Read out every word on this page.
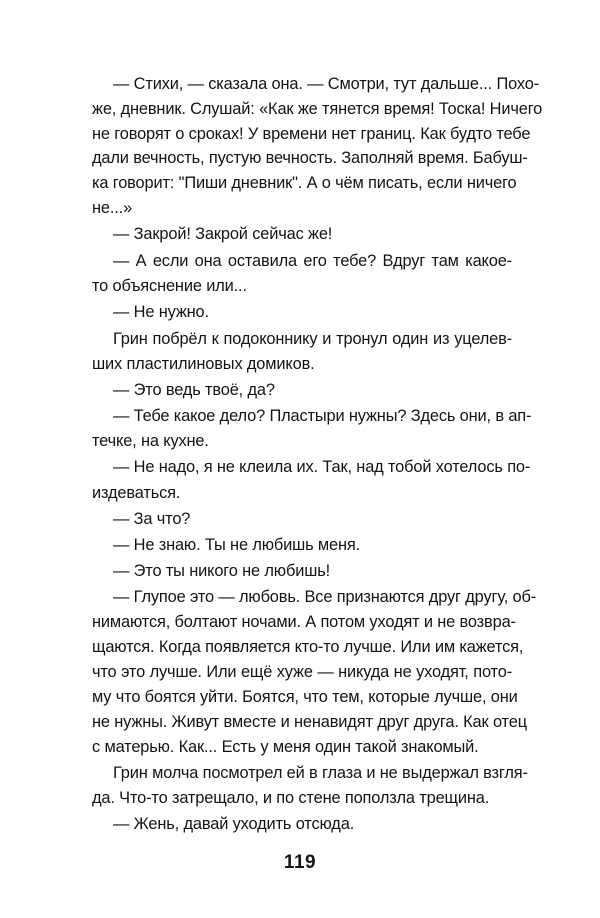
— Стихи, — сказала она. — Смотри, тут дальше... Похо-
же, дневник. Слушай: «Как же тянется время! Тоска! Ничего
не говорят о сроках! У времени нет границ. Как будто тебе
дали вечность, пустую вечность. Заполняй время. Бабуш-
ка говорит: "Пиши дневник". А о чём писать, если ничего
не...»
— Закрой! Закрой сейчас же!
— А если она оставила его тебе? Вдруг там какое-
то объяснение или...
— Не нужно.
Грин побрёл к подоконнику и тронул один из уцелев-
ших пластилиновых домиков.
— Это ведь твоё, да?
— Тебе какое дело? Пластыри нужны? Здесь они, в ап-
течке, на кухне.
— Не надо, я не клеила их. Так, над тобой хотелось по-
издеваться.
— За что?
— Не знаю. Ты не любишь меня.
— Это ты никого не любишь!
— Глупое это — любовь. Все признаются друг другу, об-
нимаются, болтают ночами. А потом уходят и не возвра-
щаются. Когда появляется кто-то лучше. Или им кажется,
что это лучше. Или ещё хуже — никуда не уходят, пото-
му что боятся уйти. Боятся, что тем, которые лучше, они
не нужны. Живут вместе и ненавидят друг друга. Как отец
с матерью. Как... Есть у меня один такой знакомый.
Грин молча посмотрел ей в глаза и не выдержал взгля-
да. Что-то затрещало, и по стене поползла трещина.
— Жень, давай уходить отсюда.
119
